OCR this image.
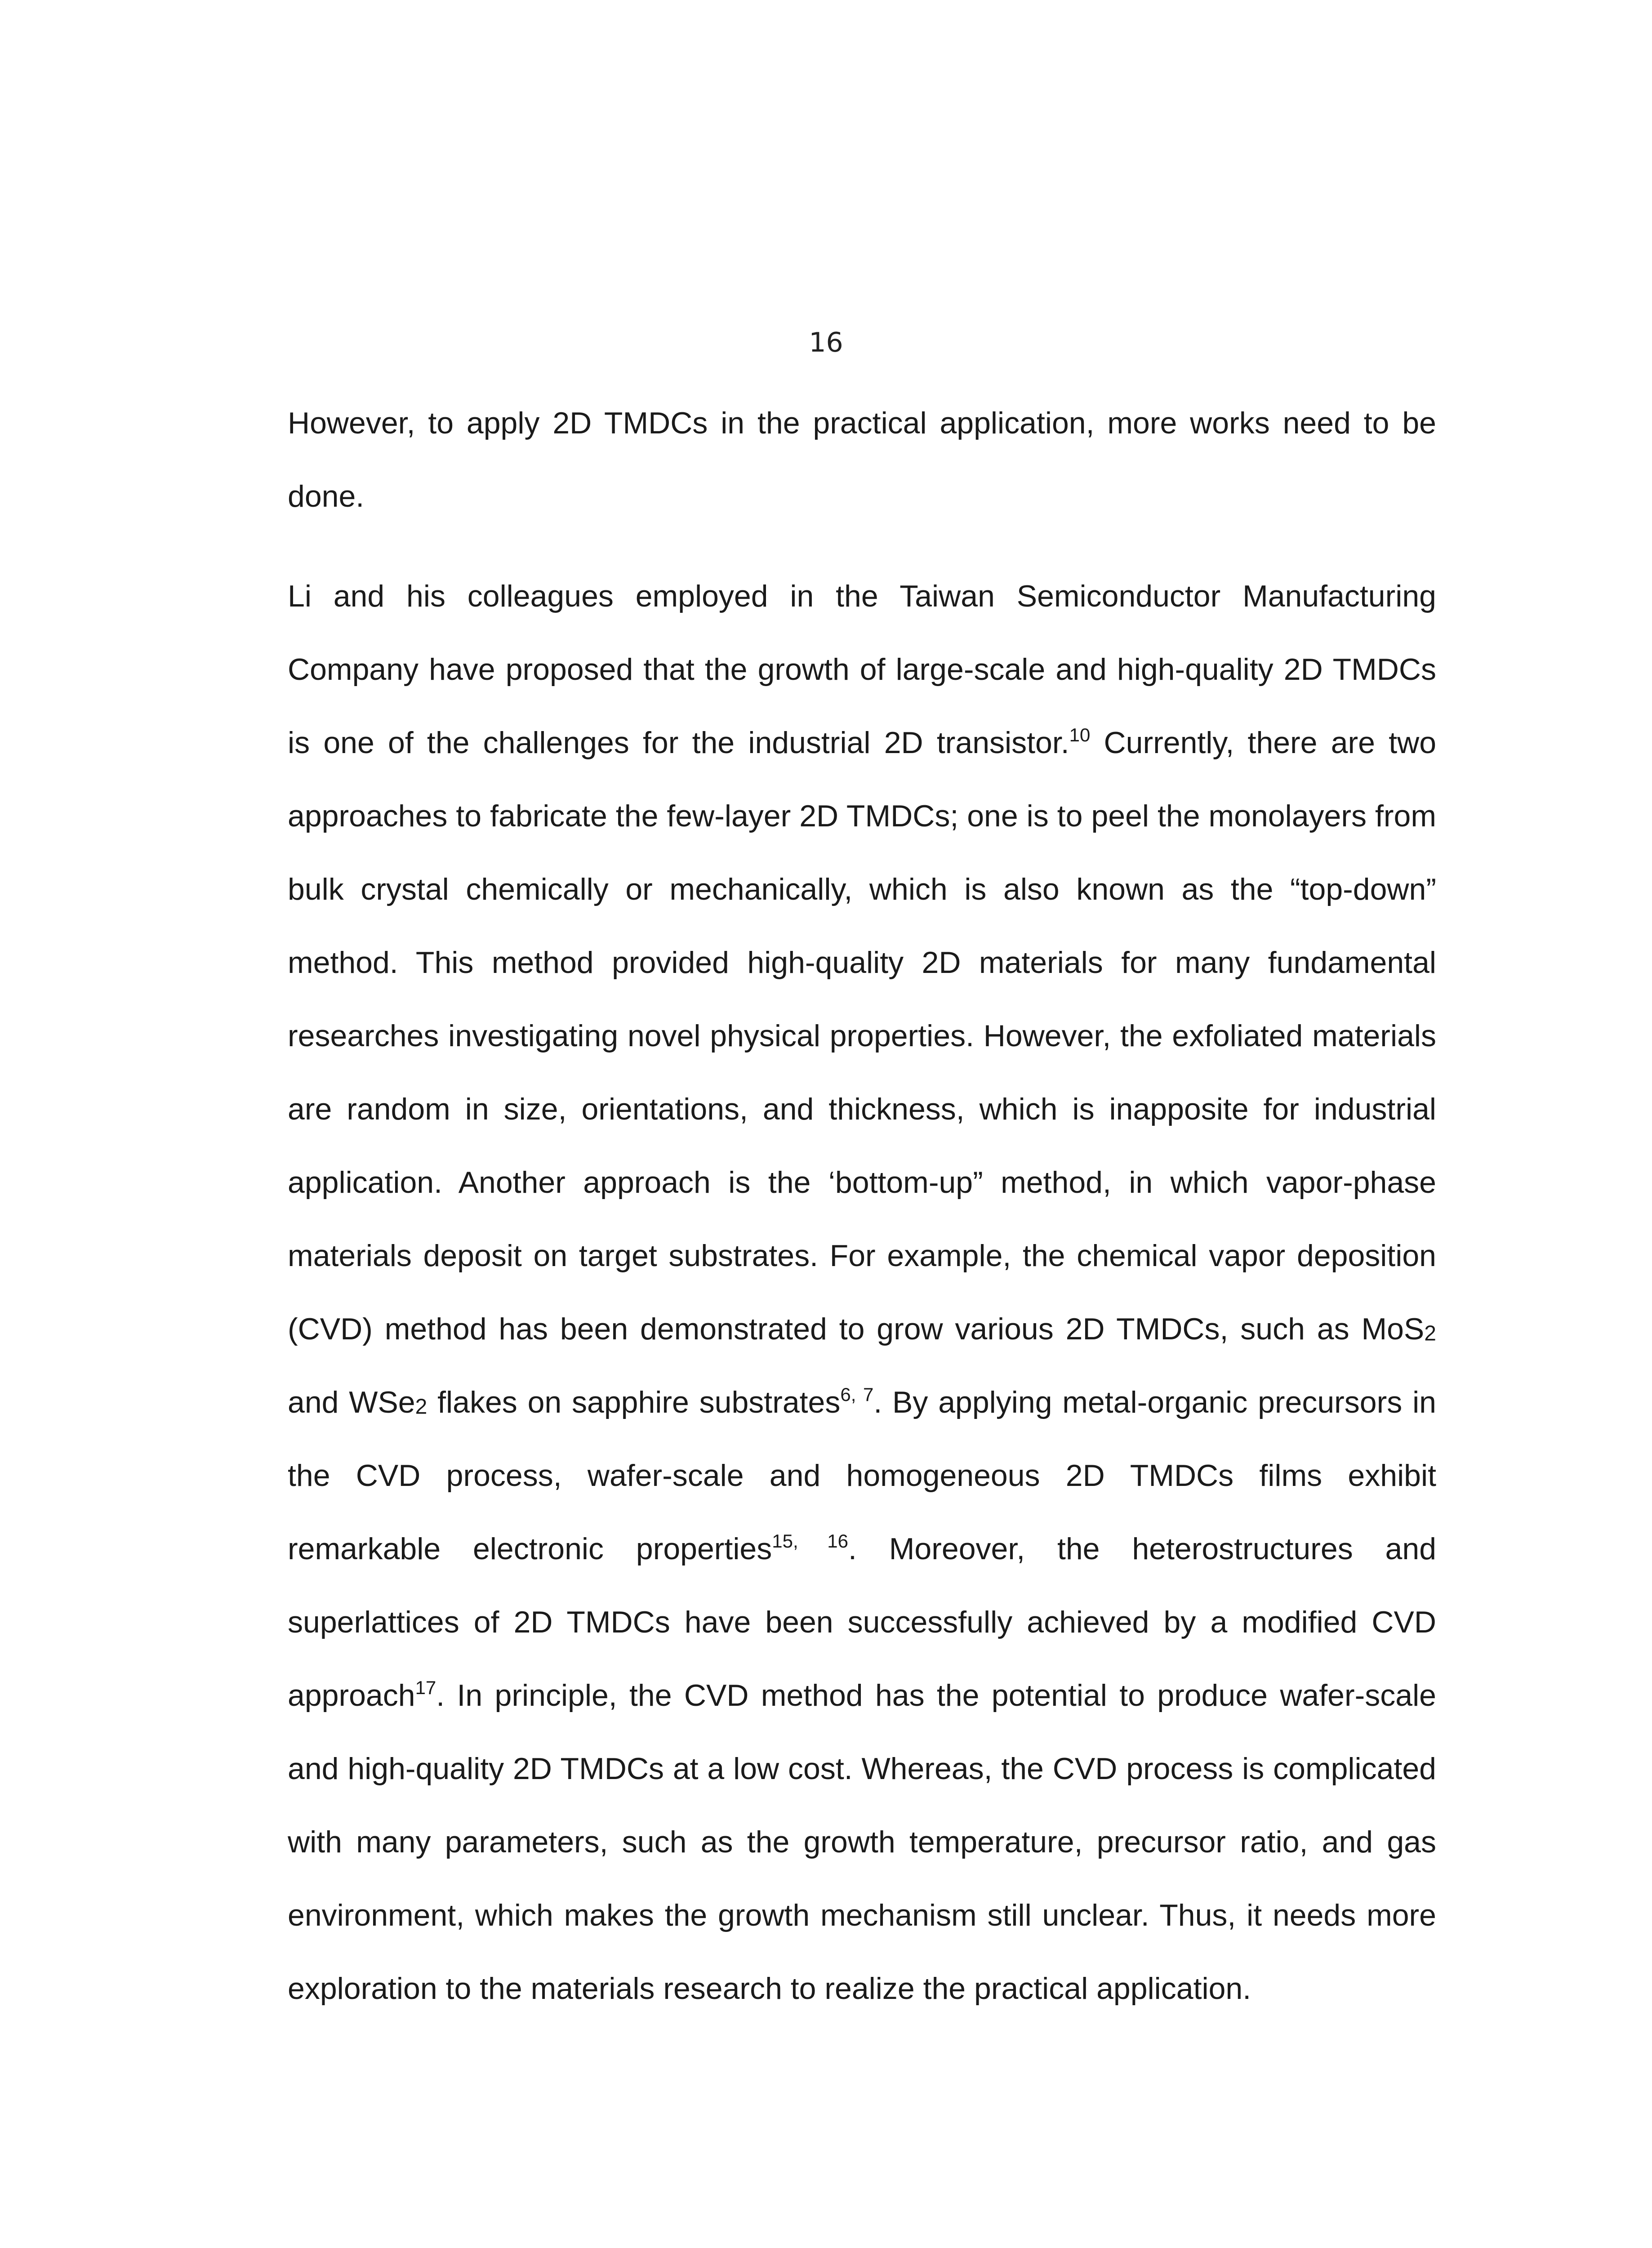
16

However, to apply 2D TMDCs in the practical application, more works need to be done.

Li and his colleagues employed in the Taiwan Semiconductor Manufacturing Company have proposed that the growth of large-scale and high-quality 2D TMDCs is one of the challenges for the industrial 2D transistor.$^{10}$ Currently, there are two approaches to fabricate the few-layer 2D TMDCs; one is to peel the monolayers from bulk crystal chemically or mechanically, which is also known as the “top-down” method. This method provided high-quality 2D materials for many fundamental researches investigating novel physical properties. However, the exfoliated materials are random in size, orientations, and thickness, which is inapposite for industrial application. Another approach is the ‘bottom-up” method, in which vapor-phase materials deposit on target substrates. For example, the chemical vapor deposition (CVD) method has been demonstrated to grow various 2D TMDCs, such as MoS$_2$ and WSe$_2$ flakes on sapphire substrates$^{6, 7}$. By applying metal-organic precursors in the CVD process, wafer-scale and homogeneous 2D TMDCs films exhibit remarkable electronic properties$^{15, 16}$. Moreover, the heterostructures and superlattices of 2D TMDCs have been successfully achieved by a modified CVD approach$^{17}$. In principle, the CVD method has the potential to produce wafer-scale and high-quality 2D TMDCs at a low cost. Whereas, the CVD process is complicated with many parameters, such as the growth temperature, precursor ratio, and gas environment, which makes the growth mechanism still unclear. Thus, it needs more exploration to the materials research to realize the practical application.
